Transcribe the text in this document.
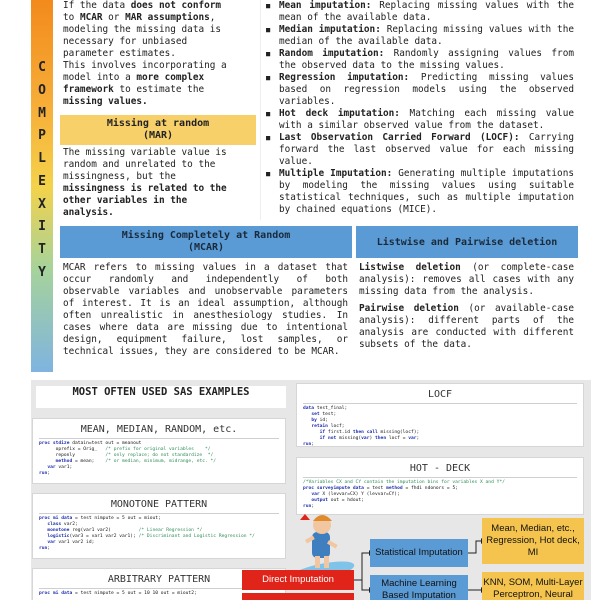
C
O
M
P
L
E
X
I
T
Y
If the data does not conform
to MCAR or MAR assumptions,
modeling the missing data is
necessary for unbiased
parameter estimates.
This involves incorporating a
model into a more complex
framework to estimate the
missing values.
Missing at random
(MAR)
The missing variable value is
random and unrelated to the
missingness, but the
missingness is related to the
other variables in the
analysis.
■ Mean imputation: Replacing missing values with the mean of the available data.
■ Median imputation: Replacing missing values with the median of the available data.
■ Random imputation: Randomly assigning values from the observed data to the missing values.
■ Regression imputation: Predicting missing values based on regression models using the observed variables.
■ Hot deck imputation: Matching each missing value with a similar observed value from the dataset.
■ Last Observation Carried Forward (LOCF): Carrying forward the last observed value for each missing value.
■ Multiple Imputation: Generating multiple imputations by modeling the missing values using suitable statistical techniques, such as multiple imputation by chained equations (MICE).
Missing Completely at Random
(MCAR)
MCAR refers to missing values in a dataset that occur randomly and independently of both observable variables and unobservable parameters of interest. It is an ideal assumption, although often unrealistic in anesthesiology studies. In cases where data are missing due to intentional design, equipment failure, lost samples, or technical issues, they are considered to be MCAR.
Listwise and Pairwise deletion

Listwise deletion (or complete-case analysis): removes all cases with any missing data from the analysis.

Pairwise deletion (or available-case analysis): different parts of the analysis are conducted with different subsets of the data.

MOST OFTEN USED SAS EXAMPLES
MEAN, MEDIAN, RANDOM, etc.
proc stdize datain=test out = meanout
oprefix = Orig_   /* prefix for original variables    */
reponly           /* only replace; do not standardize  */
method = mean;    /* or median, minimum, midrange, etc. */
var var1;
run;
MONOTONE PATTERN
proc mi data = test nimpute = 5 out = miout;
class var2;
monotone reg(var1 var2)          /* Linear Regression */
logistic(var3 = var1 var2 var1); /* Discriminant and Logistic Regression */
var var1 var2 id;
run;
ARBITRARY PATTERN
proc mi data = test nimpute = 5 out = 10 10 out = miout2;
LOCF
data test_final;
set test;
by id;
retain locf;
if first.id then call missing(locf);
if not missing(var) then locf = var;
run;
HOT - DECK
/*Variables CX and CY contain the imputation bins for variables X and Y*/
proc surveyimpute data = test method = fhdi ndonors = 5;
var X (levvar=CX) Y (levvar=CY);
output out = hdout;
run;
Statistical Imputation
Machine Learning Based Imputation
Direct Imputation
Mean, Median, etc., Regression, Hot deck, MI
KNN, SOM, Multi-Layer Perceptron, Neural
